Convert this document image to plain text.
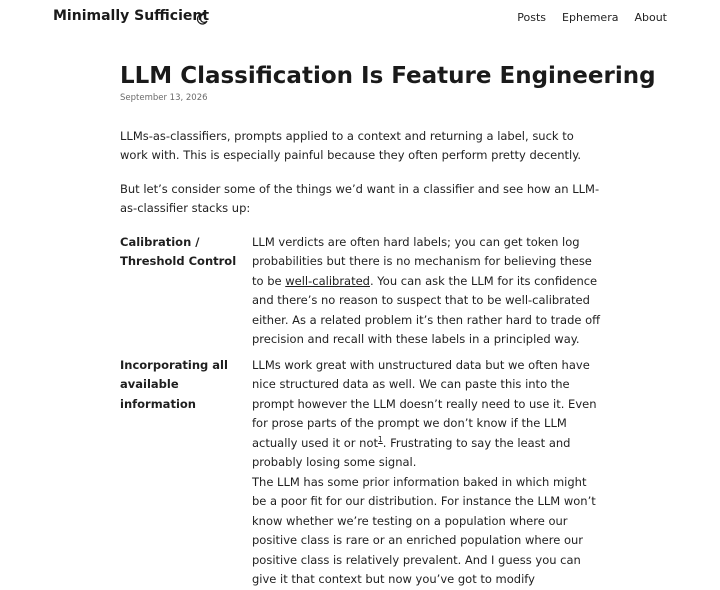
Minimally Sufficient	Posts Ephemera About
LLM Classification Is Feature Engineering
September 13, 2026

LLMs-as-classifiers, prompts applied to a context and returning a label, suck to work with. This is especially painful because they often perform pretty decently.

But let’s consider some of the things we’d want in a classifier and see how an LLM-as-classifier stacks up:

Calibration / Threshold Control	LLM verdicts are often hard labels; you can get token log probabilities but there is no mechanism for believing these to be well-calibrated. You can ask the LLM for its confidence and there’s no reason to suspect that to be well-calibrated either. As a related problem it’s then rather hard to trade off precision and recall with these labels in a principled way.
Incorporating all available information	LLMs work great with unstructured data but we often have nice structured data as well. We can paste this into the prompt however the LLM doesn’t really need to use it. Even for prose parts of the prompt we don’t know if the LLM actually used it or not$^1$. Frustrating to say the least and probably losing some signal.
The LLM has some prior information baked in which might be a poor fit for our distribution. For instance the LLM won’t know whether we’re testing on a population where our positive class is rare or an enriched population where our positive class is relatively prevalent. And I guess you can give it that context but now you’ve got to modify
